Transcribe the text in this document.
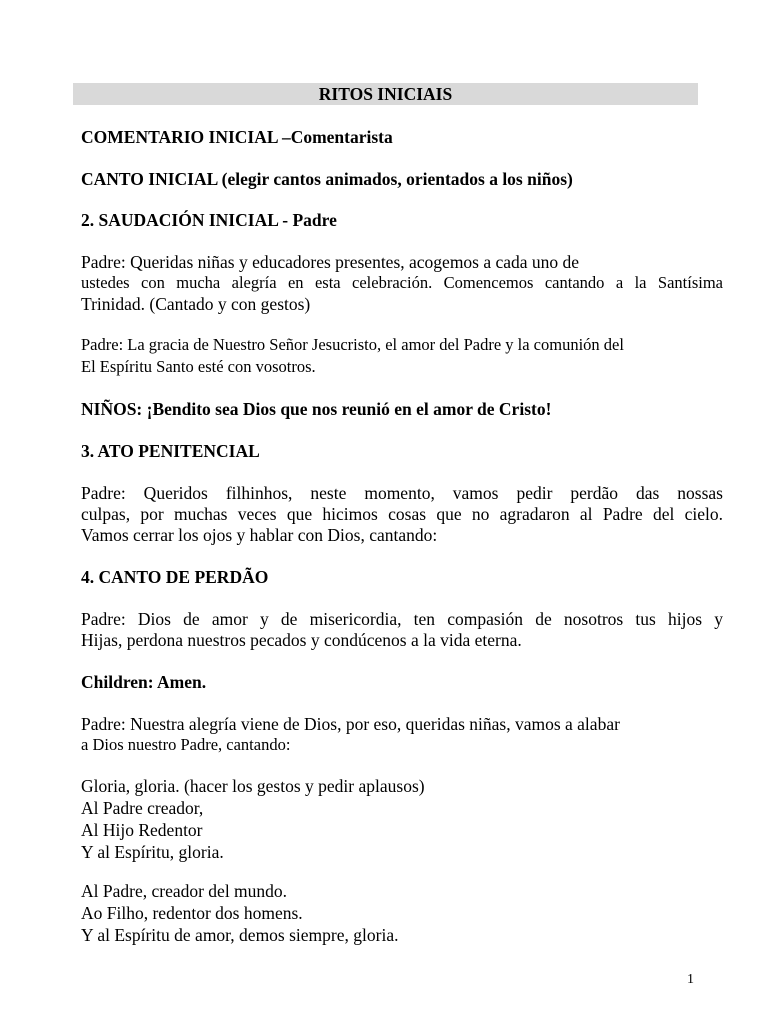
RITOS INICIAIS
COMENTARIO INICIAL –Comentarista
CANTO INICIAL (elegir cantos animados, orientados a los niños)
2. SAUDACIÓN INICIAL - Padre
Padre: Queridas niñas y educadores presentes, acogemos a cada uno de
ustedes con mucha alegría en esta celebración. Comencemos cantando a la Santísima
Trinidad. (Cantado y con gestos)
Padre: La gracia de Nuestro Señor Jesucristo, el amor del Padre y la comunión del
El Espíritu Santo esté con vosotros.
NIÑOS: ¡Bendito sea Dios que nos reunió en el amor de Cristo!
3. ATO PENITENCIAL
Padre: Queridos filhinhos, neste momento, vamos pedir perdão das nossas
culpas, por muchas veces que hicimos cosas que no agradaron al Padre del cielo.
Vamos cerrar los ojos y hablar con Dios, cantando:
4. CANTO DE PERDÃO
Padre: Dios de amor y de misericordia, ten compasión de nosotros tus hijos y
Hijas, perdona nuestros pecados y condúcenos a la vida eterna.
Children: Amen.
Padre: Nuestra alegría viene de Dios, por eso, queridas niñas, vamos a alabar
a Dios nuestro Padre, cantando:
Gloria, gloria. (hacer los gestos y pedir aplausos)
Al Padre creador,
Al Hijo Redentor
Y al Espíritu, gloria.
Al Padre, creador del mundo.
Ao Filho, redentor dos homens.
Y al Espíritu de amor, demos siempre, gloria.
1
